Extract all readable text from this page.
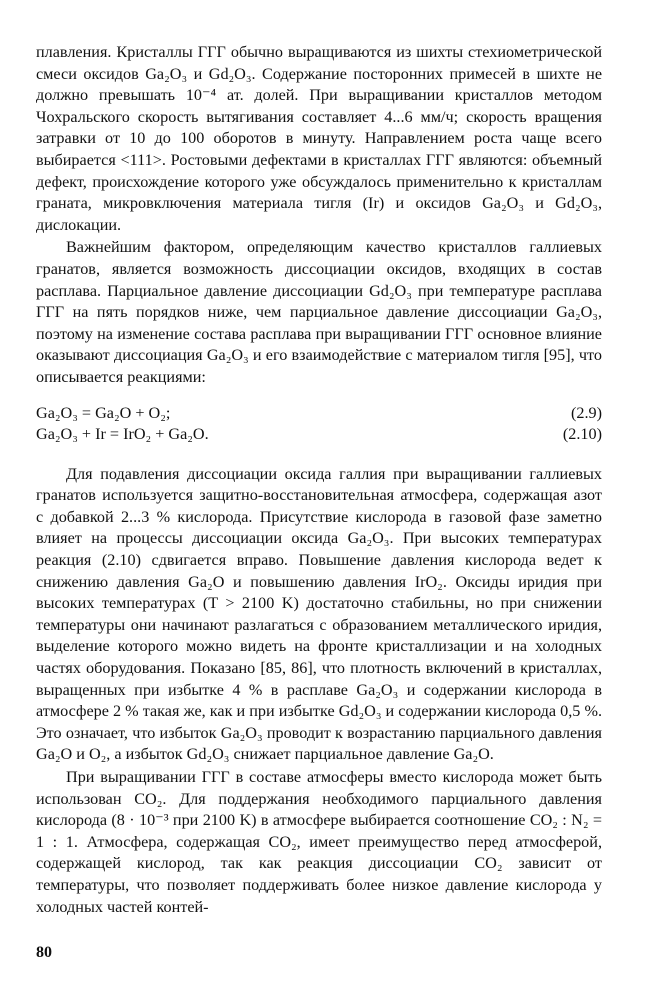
плавления. Кристаллы ГГГ обычно выращиваются из шихты стехиометрической смеси оксидов Ga₂O₃ и Gd₂O₃. Содержание посторонних примесей в шихте не должно превышать 10⁻⁴ ат. долей. При выращивании кристаллов методом Чохральского скорость вытягивания составляет 4...6 мм/ч; скорость вращения затравки от 10 до 100 оборотов в минуту. Направлением роста чаще всего выбирается <111>. Ростовыми дефектами в кристаллах ГГГ являются: объемный дефект, происхождение которого уже обсуждалось применительно к кристаллам граната, микровключения материала тигля (Ir) и оксидов Ga₂O₃ и Gd₂O₃, дислокации.

Важнейшим фактором, определяющим качество кристаллов галлиевых гранатов, является возможность диссоциации оксидов, входящих в состав расплава. Парциальное давление диссоциации Gd₂O₃ при температуре расплава ГГГ на пять порядков ниже, чем парциальное давление диссоциации Ga₂O₃, поэтому на изменение состава расплава при выращивании ГГГ основное влияние оказывают диссоциация Ga₂O₃ и его взаимодействие с материалом тигля [95], что описывается реакциями:

Ga₂O₃ = Ga₂O + O₂;	(2.9)
Ga₂O₃ + Ir = IrO₂ + Ga₂O.	(2.10)

Для подавления диссоциации оксида галлия при выращивании галлиевых гранатов используется защитно-восстановительная атмосфера, содержащая азот с добавкой 2...3 % кислорода. Присутствие кислорода в газовой фазе заметно влияет на процессы диссоциации оксида Ga₂O₃. При высоких температурах реакция (2.10) сдвигается вправо. Повышение давления кислорода ведет к снижению давления Ga₂O и повышению давления IrO₂. Оксиды иридия при высоких температурах (T > 2100 K) достаточно стабильны, но при снижении температуры они начинают разлагаться с образованием металлического иридия, выделение которого можно видеть на фронте кристаллизации и на холодных частях оборудования. Показано [85, 86], что плотность включений в кристаллах, выращенных при избытке 4 % в расплаве Ga₂O₃ и содержании кислорода в атмосфере 2 % такая же, как и при избытке Gd₂O₃ и содержании кислорода 0,5 %. Это означает, что избыток Ga₂O₃ проводит к возрастанию парциального давления Ga₂O и O₂, а избыток Gd₂O₃ снижает парциальное давление Ga₂O.

При выращивании ГГГ в составе атмосферы вместо кислорода может быть использован CO₂. Для поддержания необходимого парциального давления кислорода (8 · 10⁻³ при 2100 K) в атмосфере выбирается соотношение CO₂ : N₂ = 1 : 1. Атмосфера, содержащая CO₂, имеет преимущество перед атмосферой, содержащей кислород, так как реакция диссоциации CO₂ зависит от температуры, что позволяет поддерживать более низкое давление кислорода у холодных частей контей-

80
